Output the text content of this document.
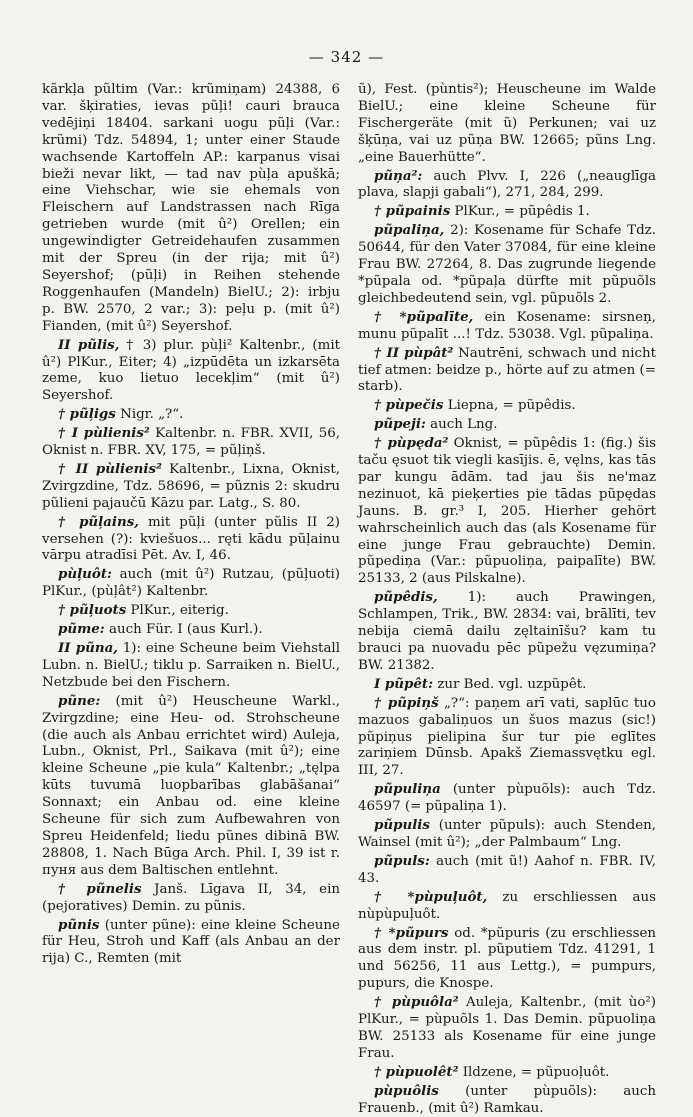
— 342 —

kãrkļa pũltim (Var.: krũmiņam) 24388, 6 var. šķiraties, ievas pũļi! cauri brauca vedējiņi 18404. sarkani uogu pũļi (Var.: krũmi) Tdz. 54894, 1; unter einer Staude wachsende Kartoffeln AP.: karpanus visai bieži nevar likt, — tad nav pùļa apuškā; eine Viehschar, wie sie ehemals von Fleischern auf Landstrassen nach Rīga getrieben wurde (mit û²) Orellen; ein ungewindigter Getreidehaufen zusammen mit der Spreu (in der rija; mit û²) Seyershof; (pũļi) in Reihen stehende Roggenhaufen (Mandeln) BielU.; 2): irbju p. BW. 2570, 2 var.; 3): peļu p. (mit û²) Fianden, (mit û²) Seyershof.

II pũlis, † 3) plur. pùļi² Kaltenbr., (mit û²) PlKur., Eiter; 4) „izpūdēta un izkarsēta zeme, kuo lietuo lecekļim“ (mit û²) Seyershof.

† pũļigs Nigr. „?“.

† I pùlienis² Kaltenbr. n. FBR. XVII, 56, Oknist n. FBR. XV, 175, = pũļiņš.

† II pùlienis² Kaltenbr., Lixna, Oknist, Zvirgzdine, Tdz. 58696, = pũznis 2: skudru pũlieni pajaučū Kāzu par. Latg., S. 80.

† pũļains, mit pũļi (unter pũlis II 2) versehen (?): kviešuos... ręti kādu pũļainu vārpu atradīsi Pēt. Av. I, 46.

pùļuôt: auch (mit û²) Rutzau, (pũļuoti) PlKur., (pùļât²) Kaltenbr.

† pũļuots PlKur., eiterig.

pũme: auch Für. I (aus Kurl.).

II pũna, 1): eine Scheune beim Viehstall Lubn. n. BielU.; tiklu p. Sarraiken n. BielU., Netzbude bei den Fischern.

pũne: (mit û²) Heuscheune Warkl., Zvirgzdine; eine Heu- od. Strohscheune (die auch als Anbau errichtet wird) Auleja, Lubn., Oknist, Prl., Saikava (mit û²); eine kleine Scheune „pie kula“ Kaltenbr.; „tęlpa kūts tuvumā luopbarības glabāšanai“ Sonnaxt; ein Anbau od. eine kleine Scheune für sich zum Aufbewahren von Spreu Heidenfeld; liedu pũnes dibinā BW. 28808, 1. Nach Būga Arch. Phil. I, 39 ist r. пуня aus dem Baltischen entlehnt.

† pũnelis Janš. Līgava II, 34, ein (pejoratives) Demin. zu pũnis.

pũnis (unter pũne): eine kleine Scheune für Heu, Stroh und Kaff (als Anbau an der rija) C., Remten (mit

ũ), Fest. (pùntis²); Heuscheune im Walde BielU.; eine kleine Scheune für Fischergeräte (mit ũ) Perkunen; vai uz šķūņa, vai uz pũņa BW. 12665; pũns Lng. „eine Bauerhütte“.

pũņa²: auch Plvv. I, 226 („neauglīga plava, slapji gabali“), 271, 284, 299.

† pũpainis PlKur., = pũpêdis 1.

pũpaliņa, 2): Kosename für Schafe Tdz. 50644, für den Vater 37084, für eine kleine Frau BW. 27264, 8. Das zugrunde liegende *pũpala od. *pũpaļa dürfte mit pũpuõls gleichbedeutend sein, vgl. pũpuõls 2.

† *pũpalīte, ein Kosename: sirsneņ, munu pũpalīt ...! Tdz. 53038. Vgl. pũpaliņa.

† II pùpât² Nautrēni, schwach und nicht tief atmen: beidze p., hörte auf zu atmen (= starb).

† pùpečis Liepna, = pũpêdis.

pũpeji: auch Lng.

† pùpęda² Oknist, = pũpêdis 1: (fig.) šis taču ęsuot tik viegli kasījis. ē, vęlns, kas tās par kungu ādām. tad jau šis ne'maz nezinuot, kā pieķerties pie tādas pũpędas Jauns. B. gr.³ I, 205. Hierher gehört wahrscheinlich auch das (als Kosename für eine junge Frau gebrauchte) Demin. pũpediņa (Var.: pũpuoliņa, paipalīte) BW. 25133, 2 (aus Pilskalne).

pũpêdis, 1): auch Prawingen, Schlampen, Trik., BW. 2834: vai, brālīti, tev nebija ciemā dailu zęltainīšu? kam tu brauci pa nuovadu pēc pũpežu vęzumiņa? BW. 21382.

I pũpêt: zur Bed. vgl. uzpũpêt.

† pũpiņš „?“: paņem arī vati, saplūc tuo mazuos gabaliņuos un šuos mazus (sic!) pũpiņus pielipina šur tur pie eglītes zariņiem Dūnsb. Apakš Ziemassvętku egl. III, 27.

pũpuliņa (unter pùpuõls): auch Tdz. 46597 (= pũpaliņa 1).

pũpulis (unter pũpuls): auch Stenden, Wainsel (mit û²); „der Palmbaum“ Lng.

pũpuls: auch (mit ũ!) Aahof n. FBR. IV, 43.

† *pùpuļuôt, zu erschliessen aus nùpùpuļuôt.

† *pũpurs od. *pũpuris (zu erschliessen aus dem instr. pl. pũputiem Tdz. 41291, 1 und 56256, 11 aus Lettg.), = pumpurs, pupurs, die Knospe.

† pùpuôla² Auleja, Kaltenbr., (mit ùo²) PlKur., = pùpuõls 1. Das Demin. pũpuoliņa BW. 25133 als Kosename für eine junge Frau.

† pùpuolêt² Ildzene, = pũpuoļuôt.

pùpuôlis (unter pùpuõls): auch Frauenb., (mit û²) Ramkau.
